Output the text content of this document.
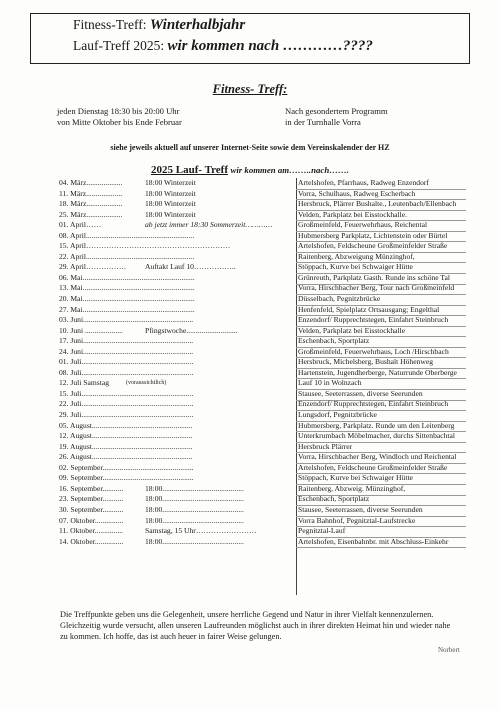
Fitness-Treff: Winterhalbjahr
Lauf-Treff 2025: wir kommen nach …………????
Fitness- Treff:
jeden Dienstag 18:30 bis 20:00 Uhr
von Mitte Oktober bis Ende Februar
Nach gesondertem Programm
in der Turnhalle Vorra
siehe jeweils aktuell auf unserer Internet-Seite sowie dem Vereinskalender der HZ
2025 Lauf- Treff wir kommen am……..nach…….
04. März...................	18:00 Winterzeit	Artelshofen, Pfarrhaus, Radweg Enzendorf
11. März...................	18:00 Winterzeit	Vorra, Schulhaus, Radweg Escherbach
18. März...................	18:00 Winterzeit	Hersbruck, Plärrer Bushalte., Leutenbach/Ellenbach
25. März...................	18:00 Winterzeit	Velden, Parkplatz bei Eisstockhalle.
01. April……	ab jetzt immer 18:30 Sommerzeit…………	Großmeinfeld, Feuerwehrhaus, Reichental
08. April.........................................................	Hubmersberg Parkplatz, Lichtenstein oder Bürtel
15. April…………………………………………………	Artelshofen, Feldscheune Großmeinfelder Straße
22. April.........................................................	Raitenberg, Abzweigung Münzinghof,
29. April…………….	Auftakt Lauf 10……………..	Stöppach, Kurve bei Schwaiger Hütte
06. Mai...........................................................	Grünreuth, Parkplatz Gasth. Runde ins schöne Tal
13. Mai...........................................................	Vorra, Hirschbacher Berg, Tour nach Großmeinfeld
20. Mai...........................................................	Düsselbach, Pegnitzbrücke
27. Mai...........................................................	Henfenfeld, Spielplatz Ortsausgang; Engelthal
03. Juni..........................................................	Enzendorf/ Rupprechtstegen, Einfahrt Steinbruch
10. Juni ....................	Pfingstwoche...........................	Velden, Parkplatz bei Eisstockhalle
17. Juni..........................................................	Eschenbach, Sportplatz
24. Juni..........................................................	Großmeinfeld, Feuerwehrhaus, Loch /Hirschbach
01. Juli...........................................................	Hersbruck, Michelsberg, Bushalt Höhenweg
08. Juli...........................................................	Hartenstein, Jugendherberge, Naturrunde Oberberge
12. Juli Samstag	(voraussichtlich)	Lauf 10 in Wolnzach
15. Juli...........................................................	Stausee, Seeterrassen, diverse Seerunden
22. Juli...........................................................	Enzendorf/ Rupprechtstegen, Einfahrt Steinbruch
29. Juli...........................................................	Lungsdorf, Pegnitzbrücke
05. August.....................................................	Hubmersberg, Parkplatz. Runde um den Leitenberg
12. August.....................................................	Unterkrumbach Möbelmacher, durchs Sittenbachtal
19. August.....................................................	Hersbruck Plärrer
26. August.....................................................	Vorra, Hirschbacher Berg, Windloch und Reichental
02. September................................................	Artelshofen, Feldscheune Großmeinfelder Straße
09. September................................................	Stöppach, Kurve bei Schwaiger Hütte
16. September...........	18:00...........................................	Raitenberg, Abzweig. Münzinghof,
23. September...........	18:00...........................................	Eschenbach, Sportplatz
30. September...........	18:00...........................................	Stausee, Seeterrassen, diverse Seerunden
07. Oktober...............	18:00...........................................	Vorra Bahnhof, Pegnitztal-Laufstrecke
11. Oktober...............	Samstag, 15 Uhr……………………	Pegnitztal-Lauf
14. Oktober...............	18:00...........................................	Artelshofen, Eisenbahnbr. mit Abschluss-Einkehr
Die Treffpunkte geben uns die Gelegenheit, unsere herrliche Gegend und Natur in ihrer Vielfalt kennenzulernen. Gleichzeitig wurde versucht, allen unseren Laufreunden möglichst auch in ihrer direkten Heimat hin und wieder nahe zu kommen. Ich hoffe, das ist auch heuer in fairer Weise gelungen.
Norbert
